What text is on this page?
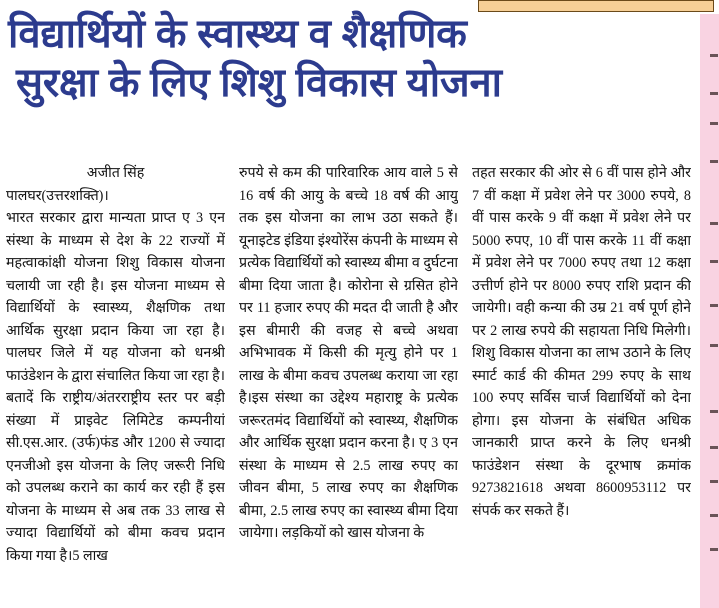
विद्यार्थियों के स्वास्थ्य व शैक्षणिक
सुरक्षा के लिए शिशु विकास योजना
अजीत सिंह
पालघर(उत्तरशक्ति)।

भारत सरकार द्वारा मान्यता प्राप्त ए 3 एन संस्था के माध्यम से देश के 22 राज्यों में महत्वाकांक्षी योजना शिशु विकास योजना चलायी जा रही है। इस योजना माध्यम से विद्यार्थियों के स्वास्थ्य, शैक्षणिक तथा आर्थिक सुरक्षा प्रदान किया जा रहा है। पालघर जिले में यह योजना को धनश्री फाउंडेशन के द्वारा संचालित किया जा रहा है। बतादें कि राष्ट्रीय/अंतरराष्ट्रीय स्तर पर बड़ी संख्या में प्राइवेट लिमिटेड कम्पनीयां सी.एस.आर. (उर्फ)फंड और 1200 से ज्यादा एनजीओ इस योजना के लिए जरूरी निधि को उपलब्ध कराने का कार्य कर रही हैं इस योजना के माध्यम से अब तक 33 लाख से ज्यादा विद्यार्थियों को बीमा कवच प्रदान किया गया है।5 लाख

रुपये से कम की पारिवारिक आय वाले 5 से 16 वर्ष की आयु के बच्चे 18 वर्ष की आयु तक इस योजना का लाभ उठा सकते हैं। यूनाइटेड इंडिया इंश्योरेंस कंपनी के माध्यम से प्रत्येक विद्यार्थियों को स्वास्थ्य बीमा व दुर्घटना बीमा दिया जाता है। कोरोना से ग्रसित होने पर 11 हजार रुपए की मदत दी जाती है और इस बीमारी की वजह से बच्चे अथवा अभिभावक में किसी की मृत्यु होने पर 1 लाख के बीमा कवच उपलब्ध कराया जा रहा है।इस संस्था का उद्देश्य महाराष्ट्र के प्रत्येक जरूरतमंद विद्यार्थियों को स्वास्थ्य, शैक्षणिक और आर्थिक सुरक्षा प्रदान करना है। ए 3 एन संस्था के माध्यम से 2.5 लाख रुपए का जीवन बीमा, 5 लाख रुपए का शैक्षणिक बीमा, 2.5 लाख रुपए का स्वास्थ्य बीमा दिया जायेगा। लड़कियों को खास योजना के

तहत सरकार की ओर से 6 वीं पास होने और 7 वीं कक्षा में प्रवेश लेने पर 3000 रुपये, 8 वीं पास करके 9 वीं कक्षा में प्रवेश लेने पर 5000 रुपए, 10 वीं पास करके 11 वीं कक्षा में प्रवेश लेने पर 7000 रुपए तथा 12 कक्षा उत्तीर्ण होने पर 8000 रुपए राशि प्रदान की जायेगी। वही कन्या की उम्र 21 वर्ष पूर्ण होने पर 2 लाख रुपये की सहायता निधि मिलेगी।शिशु विकास योजना का लाभ उठाने के लिए स्मार्ट कार्ड की कीमत 299 रुपए के साथ 100 रुपए सर्विस चार्ज विद्यार्थियों को देना होगा। इस योजना के संबंधित अधिक जानकारी प्राप्त करने के लिए धनश्री फाउंडेशन संस्था के दूरभाष क्रमांक 9273821618 अथवा 8600953112 पर संपर्क कर सकते हैं।
